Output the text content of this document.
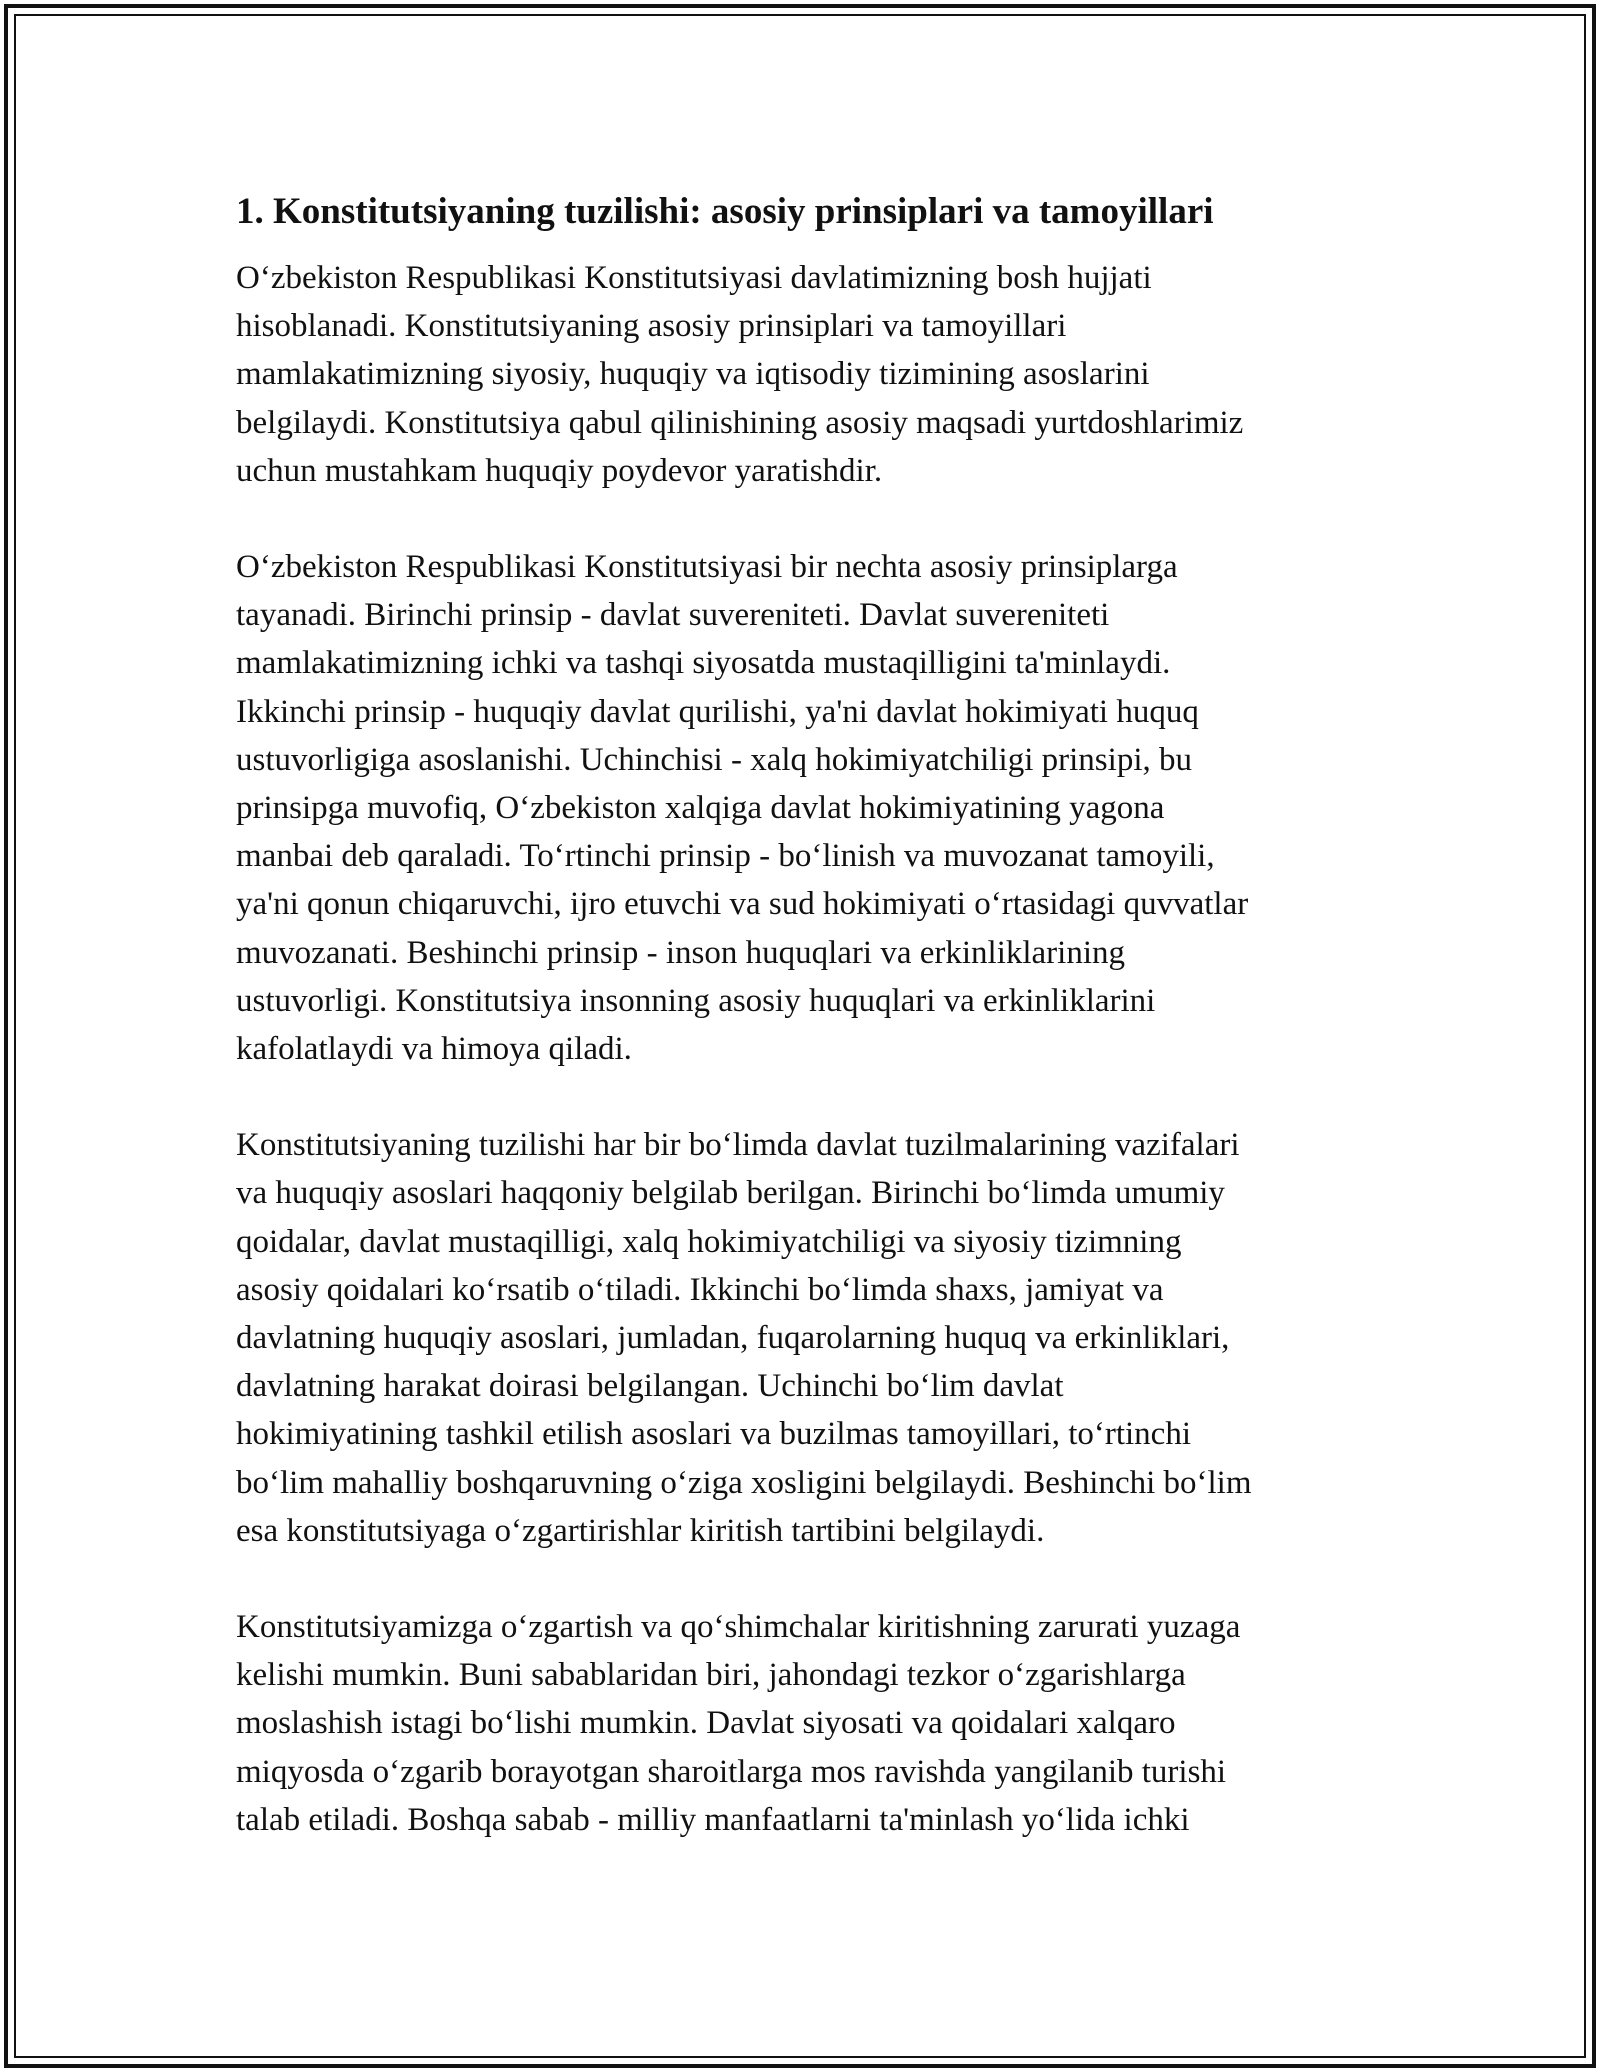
1. Konstitutsiyaning tuzilishi: asosiy prinsiplari va tamoyillari

O‘zbekiston Respublikasi Konstitutsiyasi davlatimizning bosh hujjati
hisoblanadi. Konstitutsiyaning asosiy prinsiplari va tamoyillari
mamlakatimizning siyosiy, huquqiy va iqtisodiy tizimining asoslarini
belgilaydi. Konstitutsiya qabul qilinishining asosiy maqsadi yurtdoshlarimiz
uchun mustahkam huquqiy poydevor yaratishdir.

O‘zbekiston Respublikasi Konstitutsiyasi bir nechta asosiy prinsiplarga
tayanadi. Birinchi prinsip - davlat suvereniteti. Davlat suvereniteti
mamlakatimizning ichki va tashqi siyosatda mustaqilligini ta'minlaydi.
Ikkinchi prinsip - huquqiy davlat qurilishi, ya'ni davlat hokimiyati huquq
ustuvorligiga asoslanishi. Uchinchisi - xalq hokimiyatchiligi prinsipi, bu
prinsipga muvofiq, O‘zbekiston xalqiga davlat hokimiyatining yagona
manbai deb qaraladi. To‘rtinchi prinsip - bo‘linish va muvozanat tamoyili,
ya'ni qonun chiqaruvchi, ijro etuvchi va sud hokimiyati o‘rtasidagi quvvatlar
muvozanati. Beshinchi prinsip - inson huquqlari va erkinliklarining
ustuvorligi. Konstitutsiya insonning asosiy huquqlari va erkinliklarini
kafolatlaydi va himoya qiladi.

Konstitutsiyaning tuzilishi har bir bo‘limda davlat tuzilmalarining vazifalari
va huquqiy asoslari haqqoniy belgilab berilgan. Birinchi bo‘limda umumiy
qoidalar, davlat mustaqilligi, xalq hokimiyatchiligi va siyosiy tizimning
asosiy qoidalari ko‘rsatib o‘tiladi. Ikkinchi bo‘limda shaxs, jamiyat va
davlatning huquqiy asoslari, jumladan, fuqarolarning huquq va erkinliklari,
davlatning harakat doirasi belgilangan. Uchinchi bo‘lim davlat
hokimiyatining tashkil etilish asoslari va buzilmas tamoyillari, to‘rtinchi
bo‘lim mahalliy boshqaruvning o‘ziga xosligini belgilaydi. Beshinchi bo‘lim
esa konstitutsiyaga o‘zgartirishlar kiritish tartibini belgilaydi.

Konstitutsiyamizga o‘zgartish va qo‘shimchalar kiritishning zarurati yuzaga
kelishi mumkin. Buni sabablaridan biri, jahondagi tezkor o‘zgarishlarga
moslashish istagi bo‘lishi mumkin. Davlat siyosati va qoidalari xalqaro
miqyosda o‘zgarib borayotgan sharoitlarga mos ravishda yangilanib turishi
talab etiladi. Boshqa sabab - milliy manfaatlarni ta'minlash yo‘lida ichki
